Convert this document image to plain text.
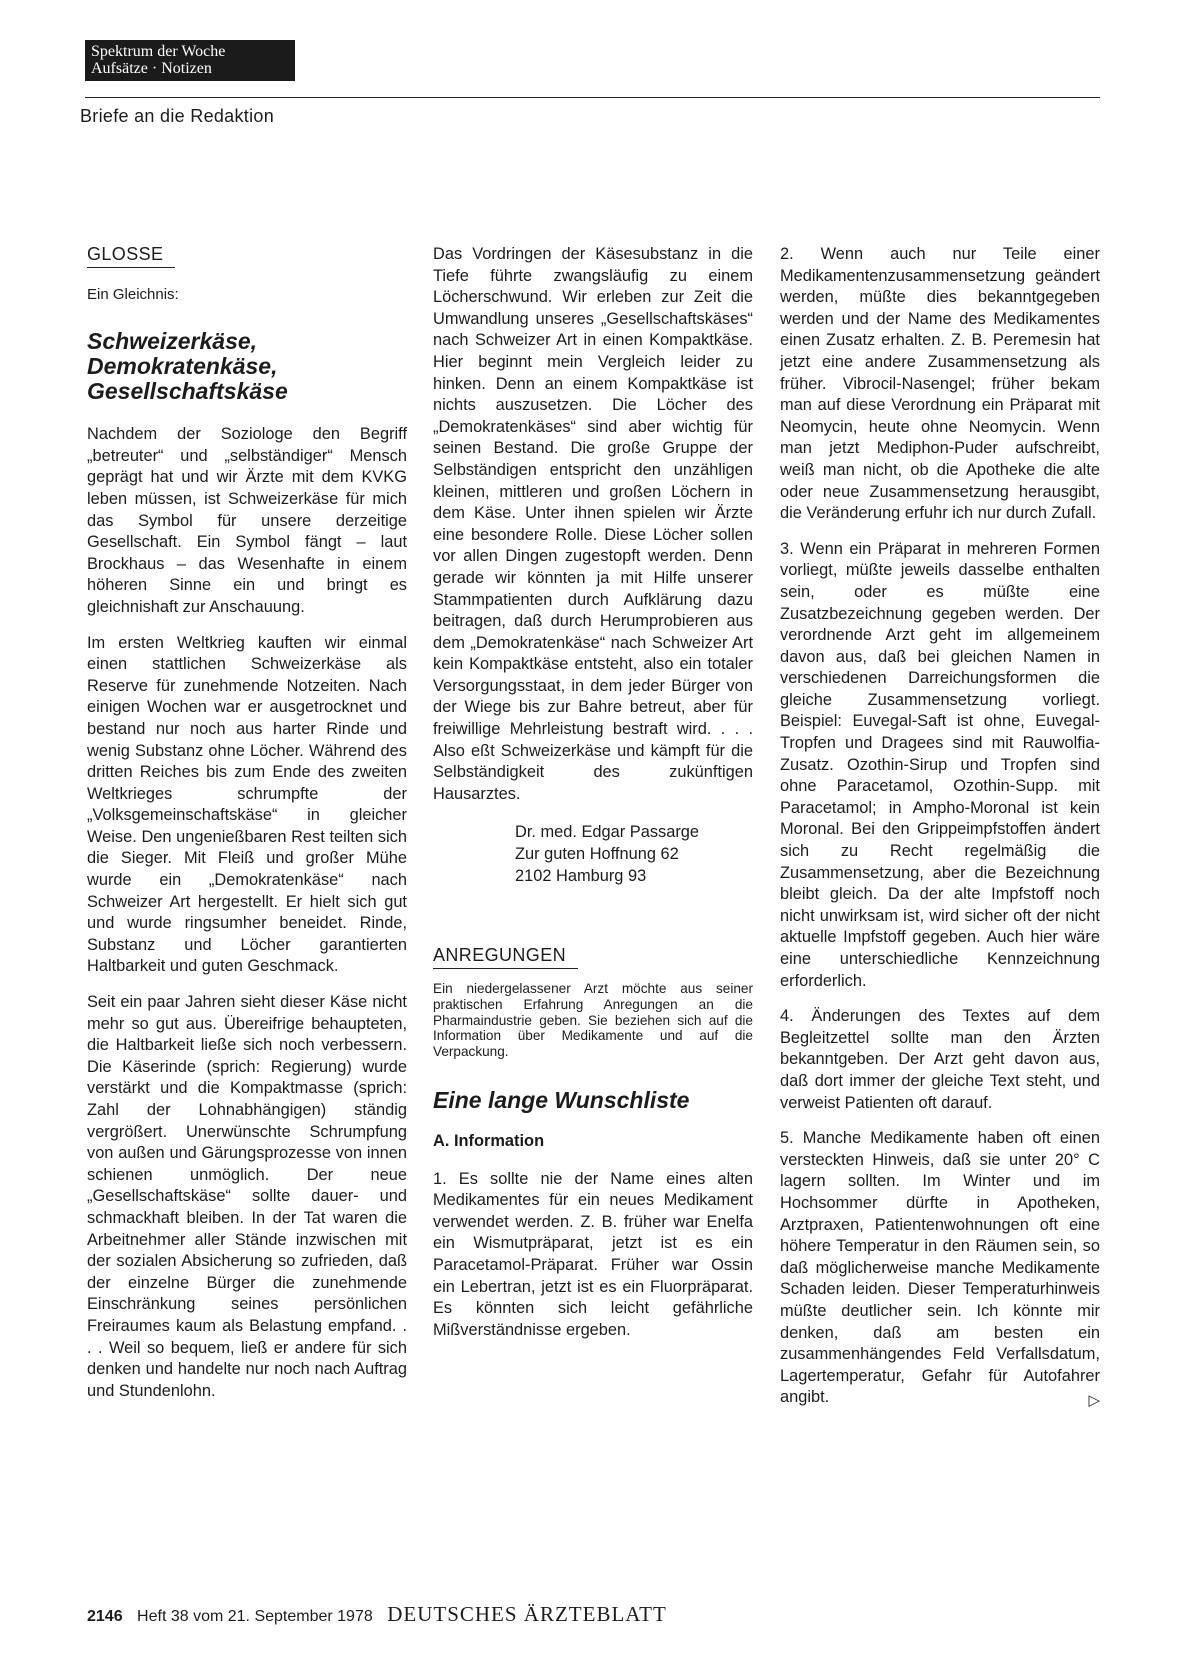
Spektrum der Woche
Aufsätze · Notizen
Briefe an die Redaktion
GLOSSE
Ein Gleichnis:
Schweizerkäse,
Demokratenkäse,
Gesellschaftskäse

Nachdem der Soziologe den Begriff „betreuter“ und „selbständiger“ Mensch geprägt hat und wir Ärzte mit dem KVKG leben müssen, ist Schweizerkäse für mich das Symbol für unsere derzeitige Gesellschaft. Ein Symbol fängt – laut Brockhaus – das Wesenhafte in einem höheren Sinne ein und bringt es gleichnishaft zur Anschauung.

Im ersten Weltkrieg kauften wir einmal einen stattlichen Schweizerkäse als Reserve für zunehmende Notzeiten. Nach einigen Wochen war er ausgetrocknet und bestand nur noch aus harter Rinde und wenig Substanz ohne Löcher. Während des dritten Reiches bis zum Ende des zweiten Weltkrieges schrumpfte der „Volksgemeinschaftskäse“ in gleicher Weise. Den ungenießbaren Rest teilten sich die Sieger. Mit Fleiß und großer Mühe wurde ein „Demokratenkäse“ nach Schweizer Art hergestellt. Er hielt sich gut und wurde ringsumher beneidet. Rinde, Substanz und Löcher garantierten Haltbarkeit und guten Geschmack.

Seit ein paar Jahren sieht dieser Käse nicht mehr so gut aus. Übereifrige behaupteten, die Haltbarkeit ließe sich noch verbessern. Die Käserinde (sprich: Regierung) wurde verstärkt und die Kompaktmasse (sprich: Zahl der Lohnabhängigen) ständig vergrößert. Unerwünschte Schrumpfung von außen und Gärungsprozesse von innen schienen unmöglich. Der neue „Gesellschaftskäse“ sollte dauer- und schmackhaft bleiben. In der Tat waren die Arbeitnehmer aller Stände inzwischen mit der sozialen Absicherung so zufrieden, daß der einzelne Bürger die zunehmende Einschränkung seines persönlichen Freiraumes kaum als Belastung empfand. . . . Weil so bequem, ließ er andere für sich denken und handelte nur noch nach Auftrag und Stundenlohn.

Das Vordringen der Käsesubstanz in die Tiefe führte zwangsläufig zu einem Löcherschwund. Wir erleben zur Zeit die Umwandlung unseres „Gesellschaftskäses“ nach Schweizer Art in einen Kompaktkäse. Hier beginnt mein Vergleich leider zu hinken. Denn an einem Kompaktkäse ist nichts auszusetzen. Die Löcher des „Demokratenkäses“ sind aber wichtig für seinen Bestand. Die große Gruppe der Selbständigen entspricht den unzähligen kleinen, mittleren und großen Löchern in dem Käse. Unter ihnen spielen wir Ärzte eine besondere Rolle. Diese Löcher sollen vor allen Dingen zugestopft werden. Denn gerade wir könnten ja mit Hilfe unserer Stammpatienten durch Aufklärung dazu beitragen, daß durch Herumprobieren aus dem „Demokratenkäse“ nach Schweizer Art kein Kompaktkäse entsteht, also ein totaler Versorgungsstaat, in dem jeder Bürger von der Wiege bis zur Bahre betreut, aber für freiwillige Mehrleistung bestraft wird. . . . Also eßt Schweizerkäse und kämpft für die Selbständigkeit des zukünftigen Hausarztes.

Dr. med. Edgar Passarge
Zur guten Hoffnung 62
2102 Hamburg 93
ANREGUNGEN
Ein niedergelassener Arzt möchte aus seiner praktischen Erfahrung Anregungen an die Pharmaindustrie geben. Sie beziehen sich auf die Information über Medikamente und auf die Verpackung.
Eine lange Wunschliste
A. Information

1. Es sollte nie der Name eines alten Medikamentes für ein neues Medikament verwendet werden. Z. B. früher war Enelfa ein Wismutpräparat, jetzt ist es ein Paracetamol-Präparat. Früher war Ossin ein Lebertran, jetzt ist es ein Fluorpräparat. Es könnten sich leicht gefährliche Mißverständnisse ergeben.

2. Wenn auch nur Teile einer Medikamentenzusammensetzung geändert werden, müßte dies bekanntgegeben werden und der Name des Medikamentes einen Zusatz erhalten. Z. B. Peremesin hat jetzt eine andere Zusammensetzung als früher. Vibrocil-Nasengel; früher bekam man auf diese Verordnung ein Präparat mit Neomycin, heute ohne Neomycin. Wenn man jetzt Mediphon-Puder aufschreibt, weiß man nicht, ob die Apotheke die alte oder neue Zusammensetzung herausgibt, die Veränderung erfuhr ich nur durch Zufall.

3. Wenn ein Präparat in mehreren Formen vorliegt, müßte jeweils dasselbe enthalten sein, oder es müßte eine Zusatzbezeichnung gegeben werden. Der verordnende Arzt geht im allgemeinem davon aus, daß bei gleichen Namen in verschiedenen Darreichungsformen die gleiche Zusammensetzung vorliegt. Beispiel: Euvegal-Saft ist ohne, Euvegal-Tropfen und Dragees sind mit Rauwolfia-Zusatz. Ozothin-Sirup und Tropfen sind ohne Paracetamol, Ozothin-Supp. mit Paracetamol; in Ampho-Moronal ist kein Moronal. Bei den Grippeimpfstoffen ändert sich zu Recht regelmäßig die Zusammensetzung, aber die Bezeichnung bleibt gleich. Da der alte Impfstoff noch nicht unwirksam ist, wird sicher oft der nicht aktuelle Impfstoff gegeben. Auch hier wäre eine unterschiedliche Kennzeichnung erforderlich.

4. Änderungen des Textes auf dem Begleitzettel sollte man den Ärzten bekanntgeben. Der Arzt geht davon aus, daß dort immer der gleiche Text steht, und verweist Patienten oft darauf.

5. Manche Medikamente haben oft einen versteckten Hinweis, daß sie unter 20° C lagern sollten. Im Winter und im Hochsommer dürfte in Apotheken, Arztpraxen, Patientenwohnungen oft eine höhere Temperatur in den Räumen sein, so daß möglicherweise manche Medikamente Schaden leiden. Dieser Temperaturhinweis müßte deutlicher sein. Ich könnte mir denken, daß am besten ein zusammenhängendes Feld Verfallsdatum, Lagertemperatur, Gefahr für Autofahrer angibt.	▷

2146 Heft 38 vom 21. September 1978 DEUTSCHES ÄRZTEBLATT
